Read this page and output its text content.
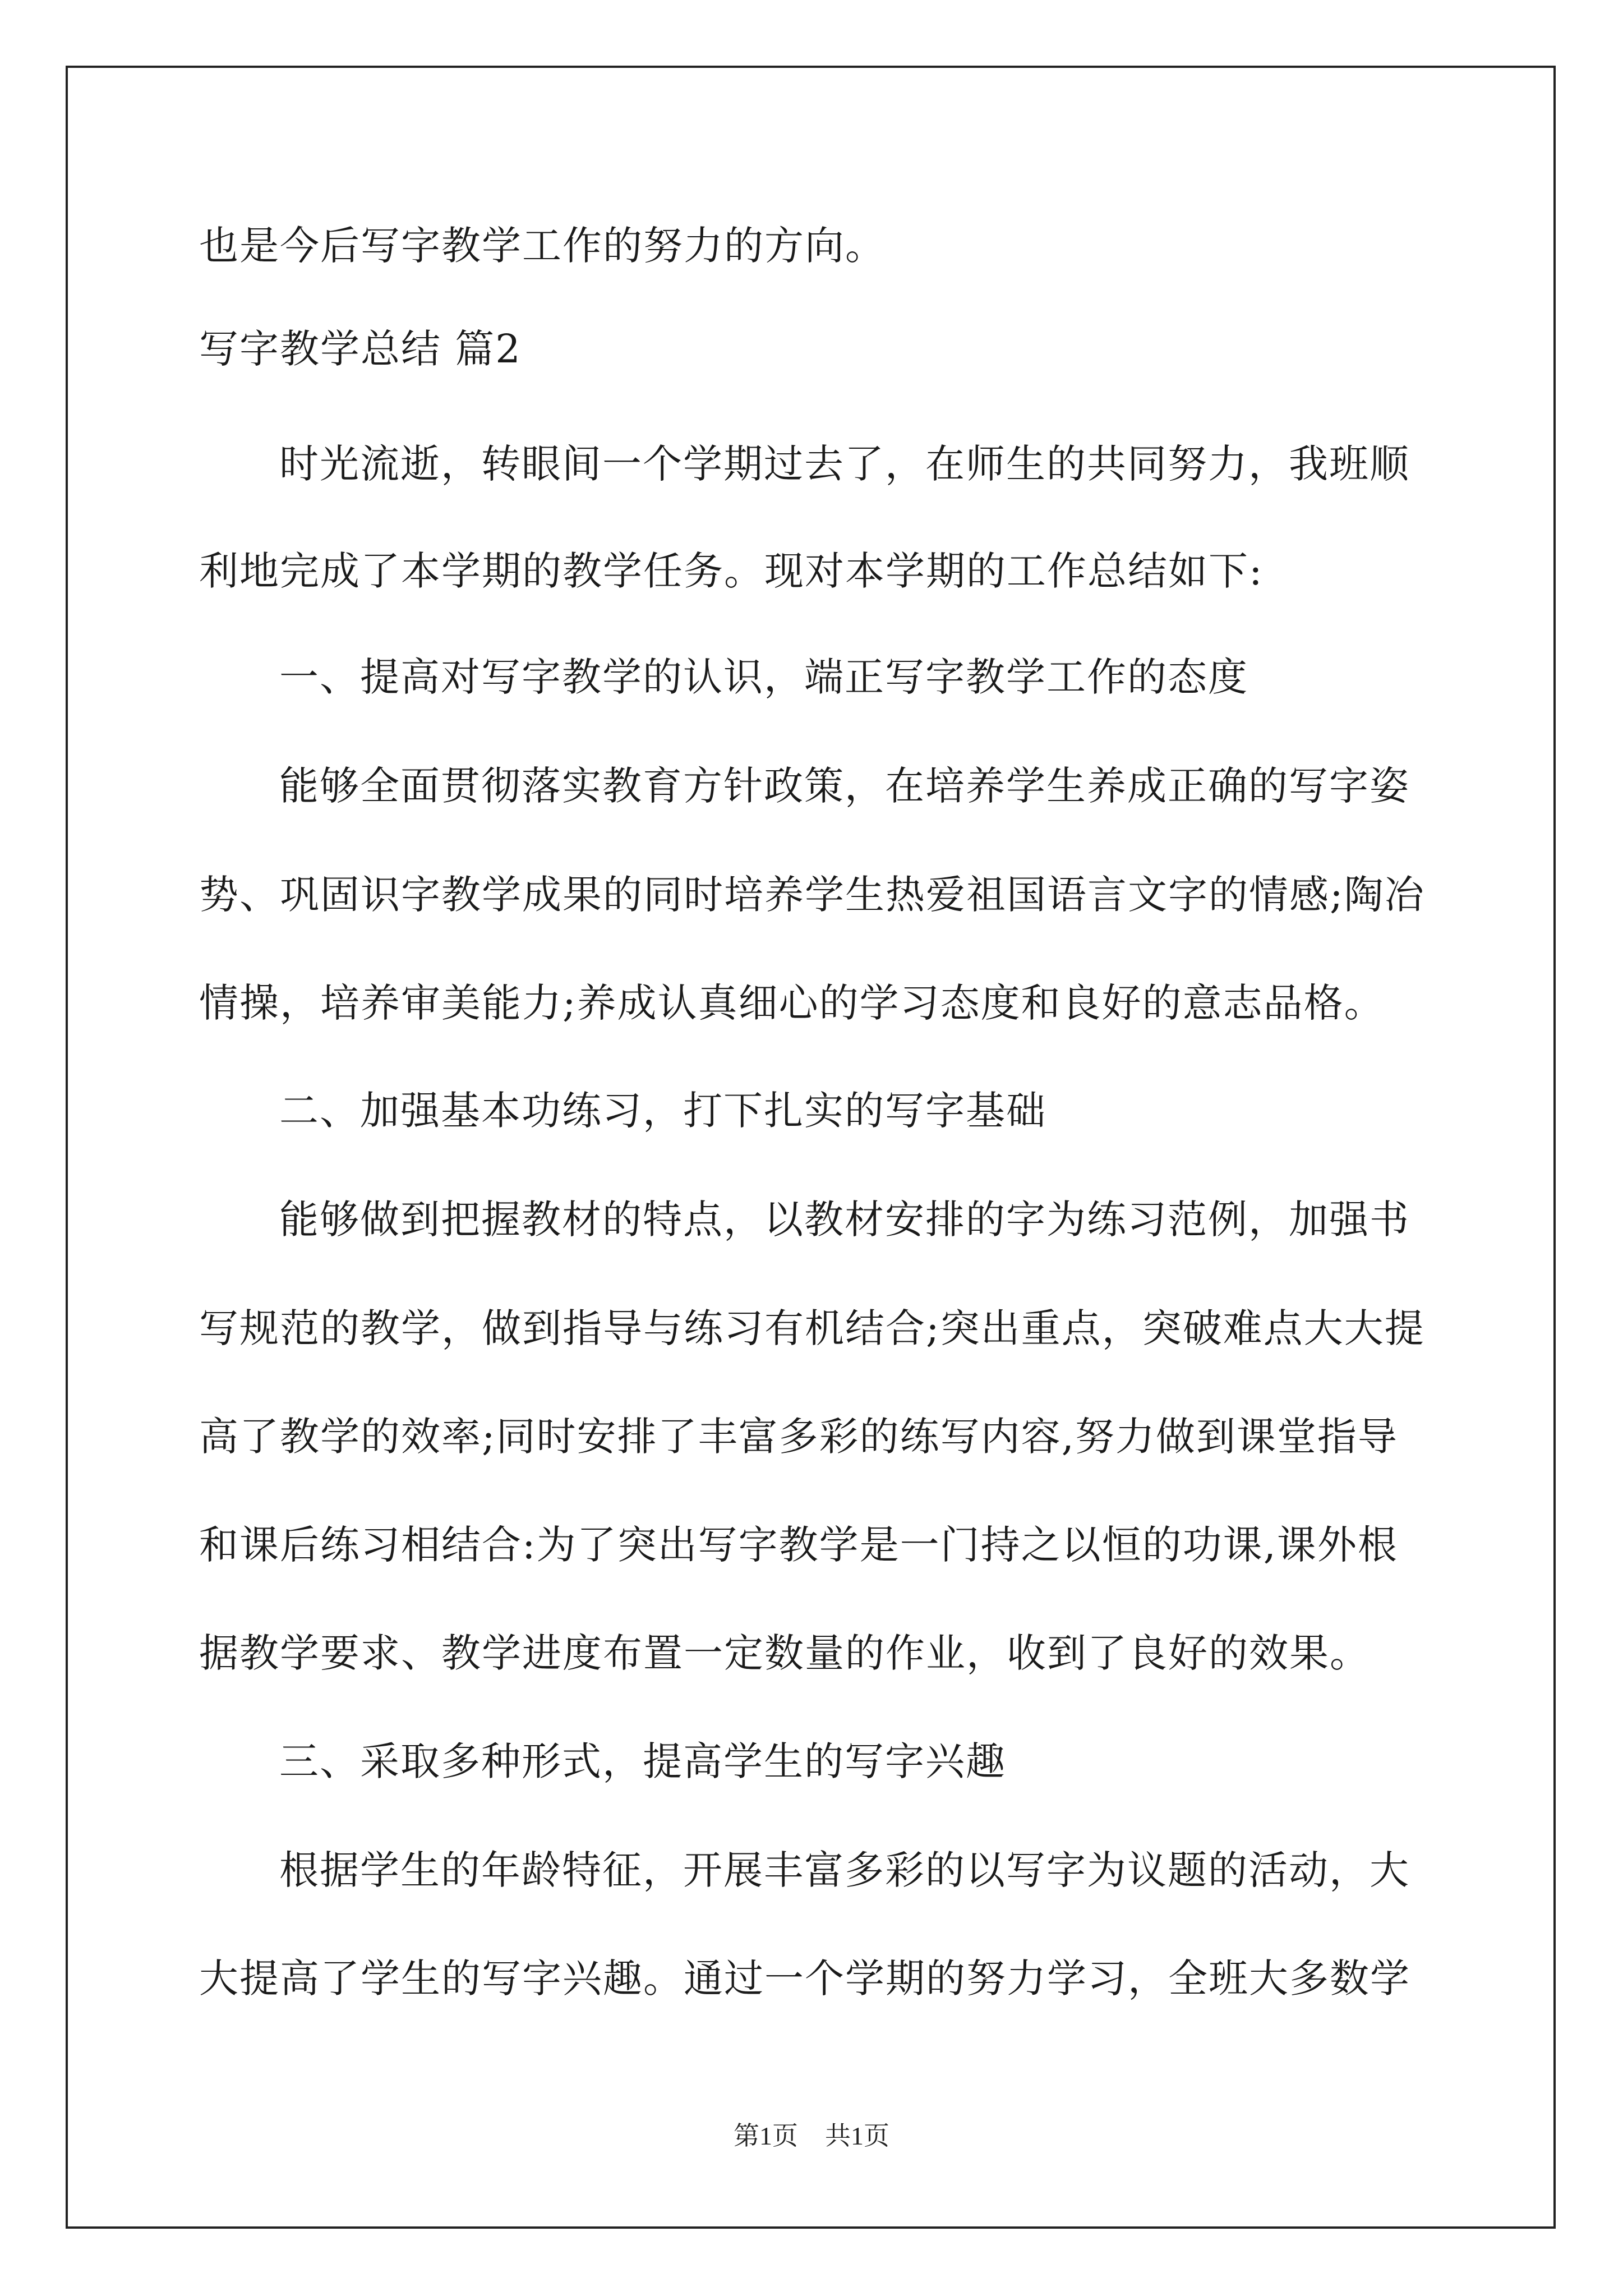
也是今后写字教学工作的努力的方向。
写字教学总结 篇2
时光流逝，转眼间一个学期过去了，在师生的共同努力，我班顺
利地完成了本学期的教学任务。现对本学期的工作总结如下:
一、提高对写字教学的认识，端正写字教学工作的态度
能够全面贯彻落实教育方针政策，在培养学生养成正确的写字姿
势、巩固识字教学成果的同时培养学生热爱祖国语言文字的情感;陶冶
情操，培养审美能力;养成认真细心的学习态度和良好的意志品格。
二、加强基本功练习，打下扎实的写字基础
能够做到把握教材的特点，以教材安排的字为练习范例，加强书
写规范的教学，做到指导与练习有机结合;突出重点，突破难点大大提
高了教学的效率;同时安排了丰富多彩的练写内容,努力做到课堂指导
和课后练习相结合:为了突出写字教学是一门持之以恒的功课,课外根
据教学要求、教学进度布置一定数量的作业，收到了良好的效果。
三、采取多种形式，提高学生的写字兴趣
根据学生的年龄特征，开展丰富多彩的以写字为议题的活动，大
大提高了学生的写字兴趣。通过一个学期的努力学习，全班大多数学
第1页 共1页
